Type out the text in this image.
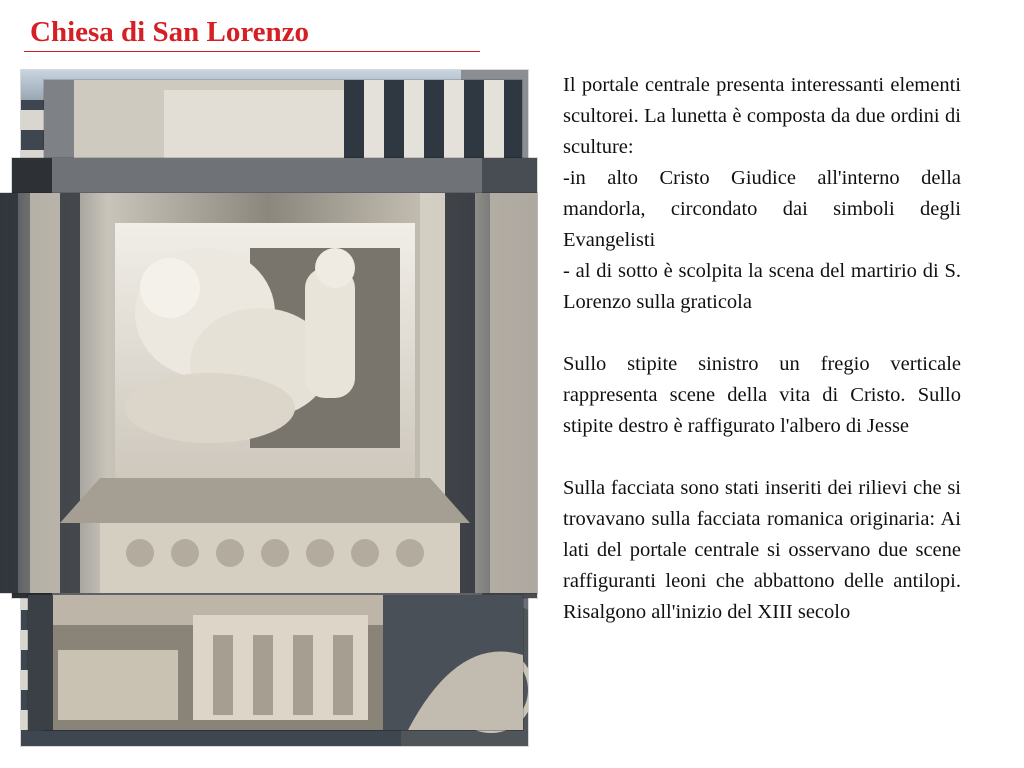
Chiesa di San Lorenzo

Il portale centrale presenta interessanti elementi scultorei. La lunetta è composta da due ordini di sculture:

-in alto Cristo Giudice all'interno della mandorla, circondato dai simboli degli Evangelisti

- al di sotto è scolpita la scena del martirio di S. Lorenzo sulla graticola

Sullo stipite sinistro un fregio verticale rappresenta scene della vita di Cristo. Sullo stipite destro è raffigurato l'albero di Jesse

Sulla facciata sono stati inseriti dei rilievi che si trovavano sulla facciata romanica originaria: Ai lati del portale centrale si osservano due scene raffiguranti leoni che abbattono delle antilopi. Risalgono all'inizio del XIII secolo
